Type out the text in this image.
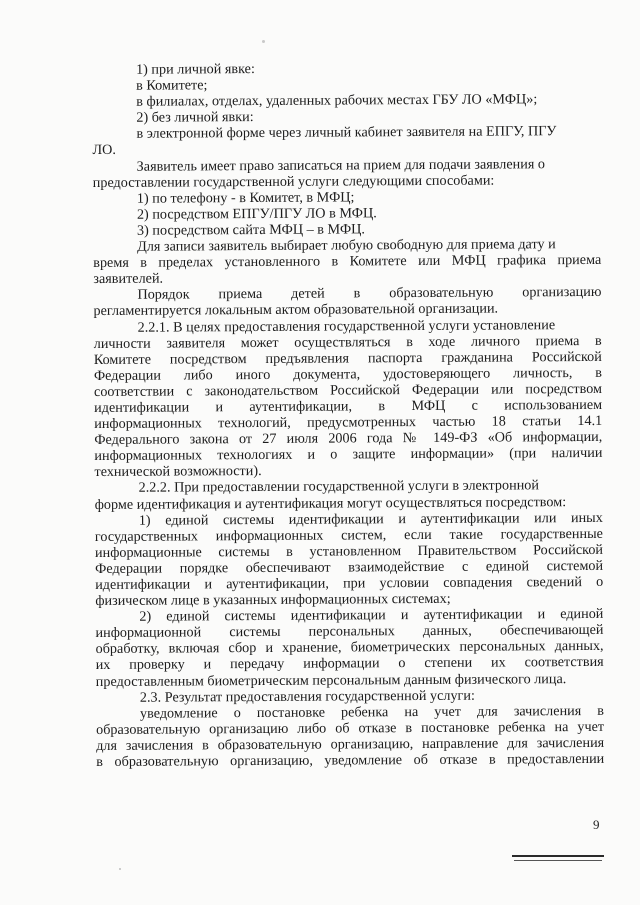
1) при личной явке:
в Комитете;
в филиалах, отделах, удаленных рабочих местах ГБУ ЛО «МФЦ»;
2) без личной явки:
в электронной форме через личный кабинет заявителя на ЕПГУ, ПГУ
ЛО.
Заявитель имеет право записаться на прием для подачи заявления о
предоставлении государственной услуги следующими способами:
1) по телефону - в Комитет, в МФЦ;
2) посредством ЕПГУ/ПГУ ЛО в МФЦ.
3) посредством сайта МФЦ – в МФЦ.
Для записи заявитель выбирает любую свободную для приема дату и
время в пределах установленного в Комитете или МФЦ графика приема
заявителей.
Порядок приема детей в образовательную организацию
регламентируется локальным актом образовательной организации.
2.2.1. В целях предоставления государственной услуги установление
личности заявителя может осуществляться в ходе личного приема в
Комитете посредством предъявления паспорта гражданина Российской
Федерации либо иного документа, удостоверяющего личность, в
соответствии с законодательством Российской Федерации или посредством
идентификации и аутентификации, в МФЦ с использованием
информационных технологий, предусмотренных частью 18 статьи 14.1
Федерального закона от 27 июля 2006 года № 149-ФЗ «Об информации,
информационных технологиях и о защите информации» (при наличии
технической возможности).
2.2.2. При предоставлении государственной услуги в электронной
форме идентификация и аутентификация могут осуществляться посредством:
1) единой системы идентификации и аутентификации или иных
государственных информационных систем, если такие государственные
информационные системы в установленном Правительством Российской
Федерации порядке обеспечивают взаимодействие с единой системой
идентификации и аутентификации, при условии совпадения сведений о
физическом лице в указанных информационных системах;
2) единой системы идентификации и аутентификации и единой
информационной системы персональных данных, обеспечивающей
обработку, включая сбор и хранение, биометрических персональных данных,
их проверку и передачу информации о степени их соответствия
предоставленным биометрическим персональным данным физического лица.
2.3. Результат предоставления государственной услуги:
уведомление о постановке ребенка на учет для зачисления в
образовательную организацию либо об отказе в постановке ребенка на учет
для зачисления в образовательную организацию, направление для зачисления
в образовательную организацию, уведомление об отказе в предоставлении
9
